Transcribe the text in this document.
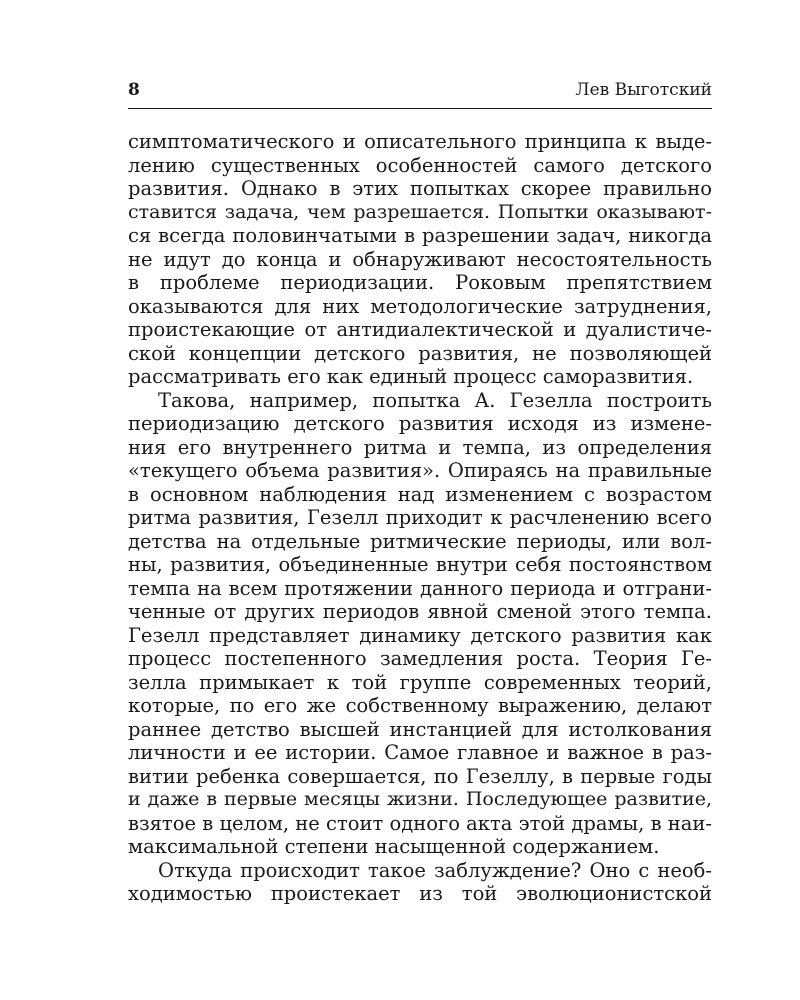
8	Лев Выготский
симптоматического и описательного принципа к выде-
лению существенных особенностей самого детского
развития. Однако в этих попытках скорее правильно
ставится задача, чем разрешается. Попытки оказывают-
ся всегда половинчатыми в разрешении задач, никогда
не идут до конца и обнаруживают несостоятельность
в проблеме периодизации. Роковым препятствием
оказываются для них методологические затруднения,
проистекающие от антидиалектической и дуалистиче-
ской концепции детского развития, не позволяющей
рассматривать его как единый процесс саморазвития.
Такова, например, попытка А. Гезелла построить
периодизацию детского развития исходя из измене-
ния его внутреннего ритма и темпа, из определения
«текущего объема развития». Опираясь на правильные
в основном наблюдения над изменением с возрастом
ритма развития, Гезелл приходит к расчленению всего
детства на отдельные ритмические периоды, или вол-
ны, развития, объединенные внутри себя постоянством
темпа на всем протяжении данного периода и отграни-
ченные от других периодов явной сменой этого темпа.
Гезелл представляет динамику детского развития как
процесс постепенного замедления роста. Теория Ге-
зелла примыкает к той группе современных теорий,
которые, по его же собственному выражению, делают
раннее детство высшей инстанцией для истолкования
личности и ее истории. Самое главное и важное в раз-
витии ребенка совершается, по Гезеллу, в первые годы
и даже в первые месяцы жизни. Последующее развитие,
взятое в целом, не стоит одного акта этой драмы, в наи-
максимальной степени насыщенной содержанием.
Откуда происходит такое заблуждение? Оно с необ-
ходимостью проистекает из той эволюционистской
